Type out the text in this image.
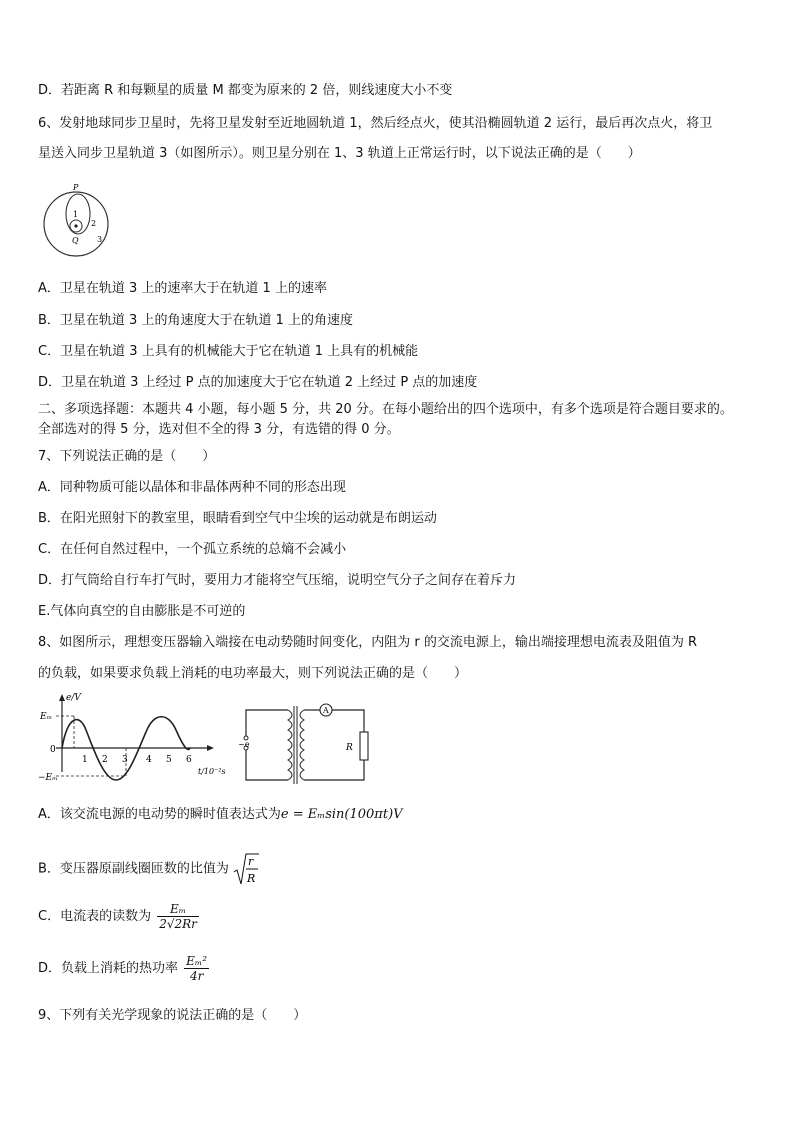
D．若距离 R 和每颗星的质量 M 都变为原来的 2 倍，则线速度大小不变
6、发射地球同步卫星时，先将卫星发射至近地圆轨道 1，然后经点火，使其沿椭圆轨道 2 运行，最后再次点火，将卫
星送入同步卫星轨道 3（如图所示）。则卫星分别在 1、3 轨道上正常运行时，以下说法正确的是（　　）
P
Q
1
2
3
A．卫星在轨道 3 上的速率大于在轨道 1 上的速率
B．卫星在轨道 3 上的角速度大于在轨道 1 上的角速度
C．卫星在轨道 3 上具有的机械能大于它在轨道 1 上具有的机械能
D．卫星在轨道 3 上经过 P 点的加速度大于它在轨道 2 上经过 P 点的加速度
二、多项选择题：本题共 4 小题，每小题 5 分，共 20 分。在每小题给出的四个选项中，有多个选项是符合题目要求的。
全部选对的得 5 分，选对但不全的得 3 分，有选错的得 0 分。
7、下列说法正确的是（　　）
A．同种物质可能以晶体和非晶体两种不同的形态出现
B．在阳光照射下的教室里，眼睛看到空气中尘埃的运动就是布朗运动
C．在任何自然过程中，一个孤立系统的总熵不会减小
D．打气筒给自行车打气时，要用力才能将空气压缩，说明空气分子之间存在着斥力
E.气体向真空的自由膨胀是不可逆的
8、如图所示，理想变压器输入端接在电动势随时间变化，内阻为 r 的交流电源上，输出端接理想电流表及阻值为 R
的负载，如果要求负载上消耗的电功率最大，则下列说法正确的是（　　）
e/V
Eₘ
0
−Eₘ
1 2 3 4 5 6
t/10⁻²s
~e
A
R
A．该交流电源的电动势的瞬时值表达式为e = Eₘsin(100πt)V
B．变压器原副线圈匝数的比值为 r
R
C．电流表的读数为 $\frac{\text{Eₘ}}{2√2Rr}$
D．负载上消耗的热功率 $\frac{\text{Eₘ²}}{4r}$
9、下列有关光学现象的说法正确的是（　　）
